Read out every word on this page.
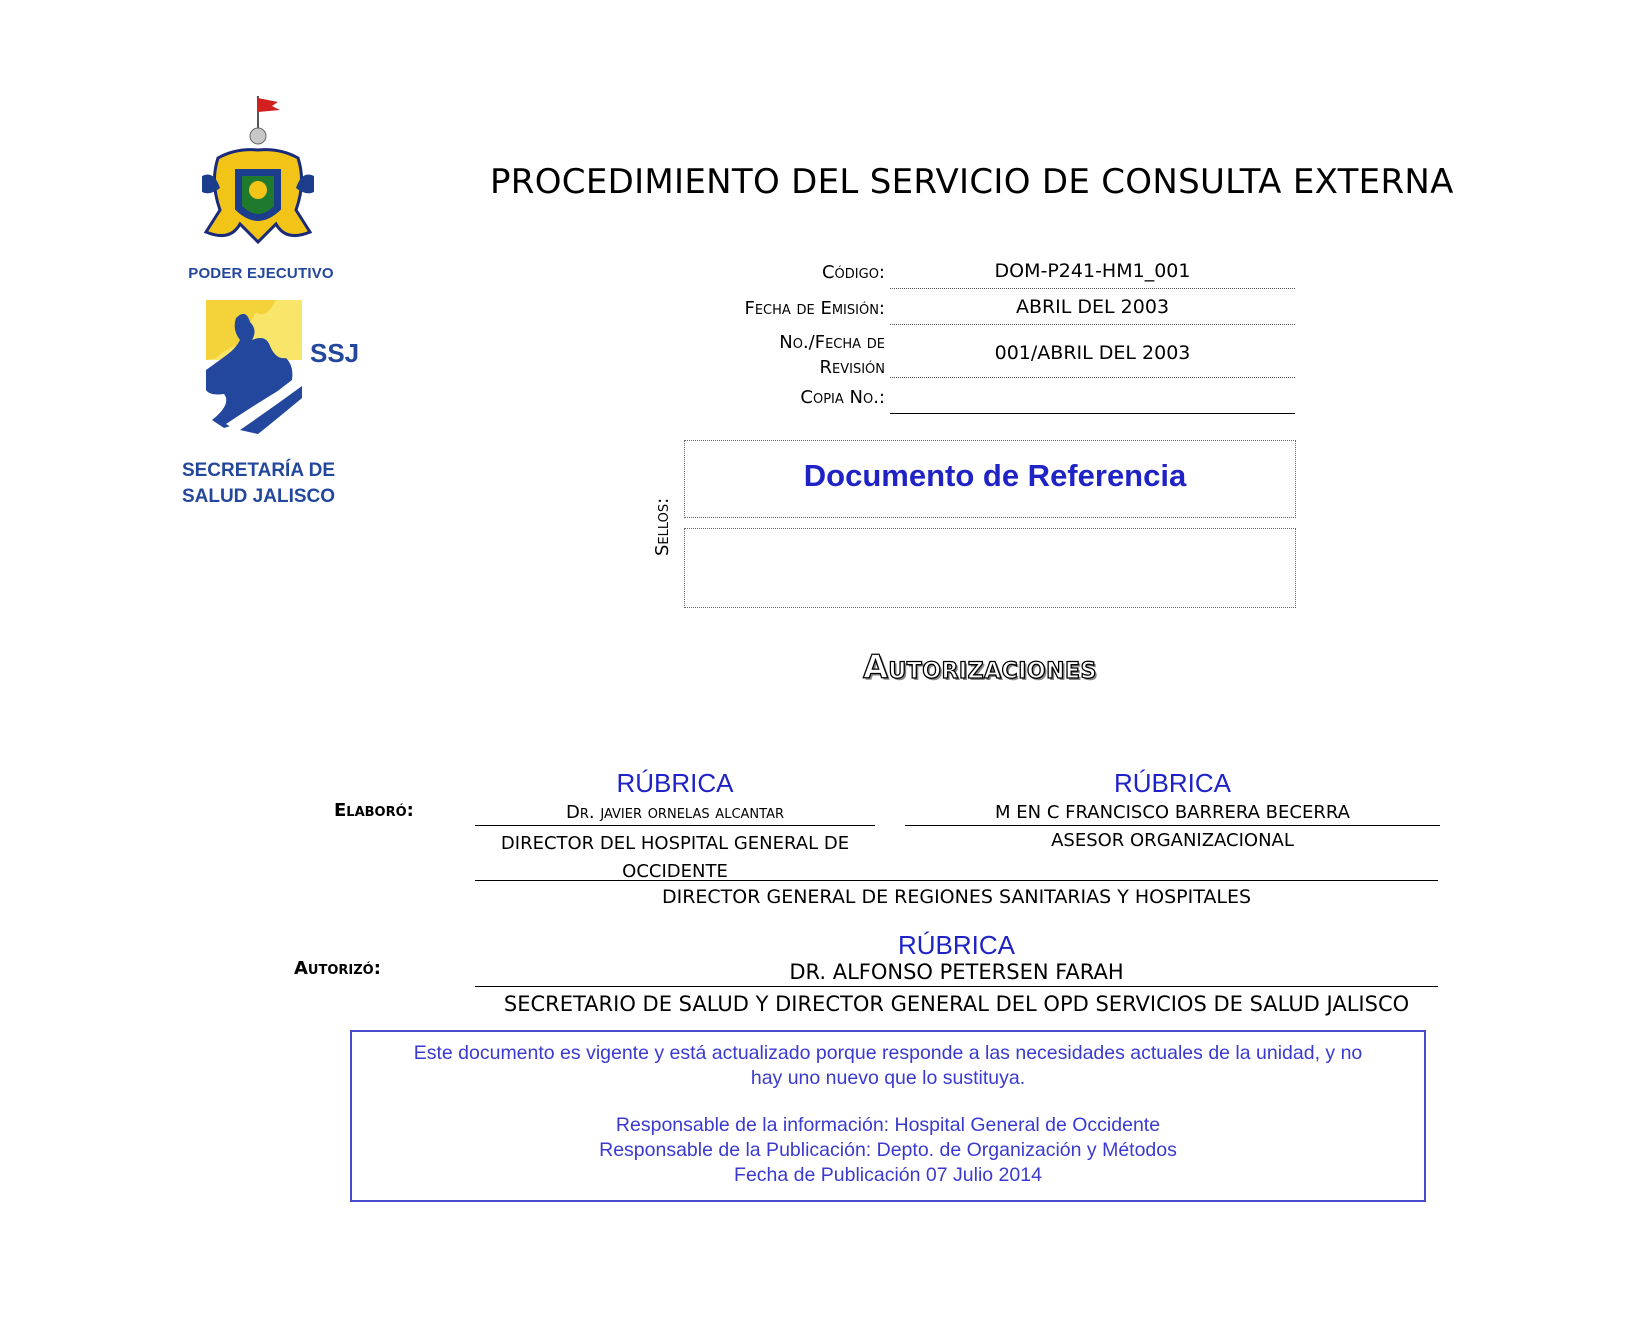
PODER EJECUTIVO
SSJ
SECRETARÍA DE
SALUD JALISCO
PROCEDIMIENTO DEL SERVICIO DE CONSULTA EXTERNA
Código:	DOM-P241-HM1_001
Fecha de Emisión:	ABRIL DEL 2003
No./Fecha de
Revisión
001/ABRIL DEL 2003
Copia No.:
Sellos:
Documento de Referencia
Autorizaciones
Elaboró:
RÚBRICA
Dr. javier ornelas alcantar
DIRECTOR DEL HOSPITAL GENERAL DE
OCCIDENTE
RÚBRICA
M EN C FRANCISCO BARRERA BECERRA
ASESOR ORGANIZACIONAL
DIRECTOR GENERAL DE REGIONES SANITARIAS Y HOSPITALES
Autorizó:
RÚBRICA
DR. ALFONSO PETERSEN FARAH
SECRETARIO DE SALUD Y DIRECTOR GENERAL DEL OPD SERVICIOS DE SALUD JALISCO
Este documento es vigente y está actualizado porque responde a las necesidades actuales de la unidad, y no
hay uno nuevo que lo sustituya.
Responsable de la información: Hospital General de Occidente
Responsable de la Publicación: Depto. de Organización y Métodos
Fecha de Publicación 07 Julio 2014
